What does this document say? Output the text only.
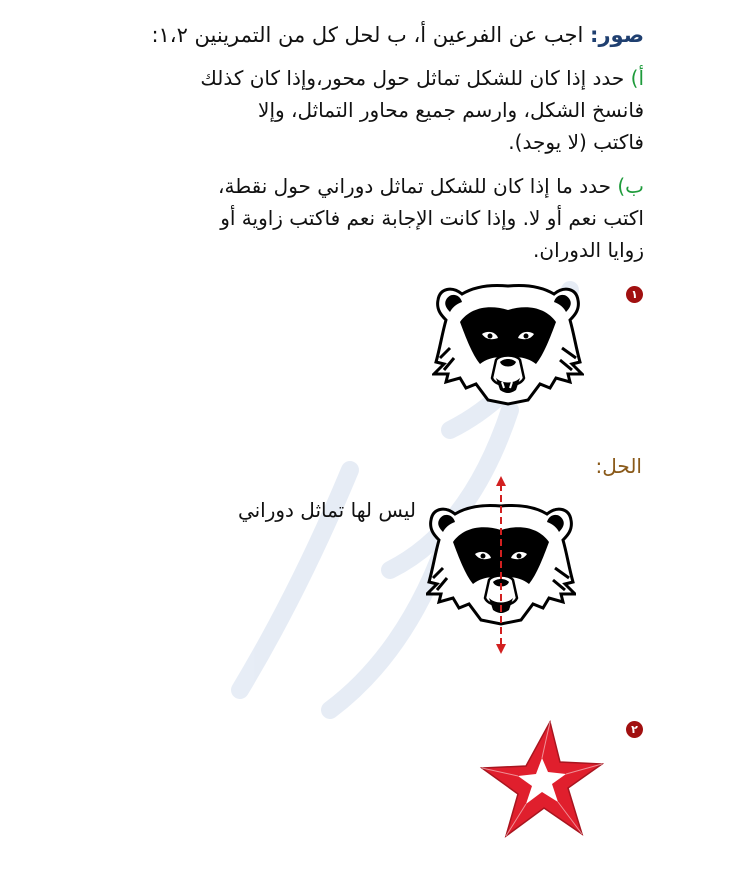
صور: اجب عن الفرعين أ، ب لحل كل من التمرينين ١،٢:
أ) حدد إذا كان للشكل تماثل حول محور،وإذا كان كذلك
فانسخ الشكل، وارسم جميع محاور التماثل، وإلا
فاكتب (لا يوجد).
ب) حدد ما إذا كان للشكل تماثل دوراني حول نقطة،
اكتب نعم أو لا. وإذا كانت الإجابة نعم فاكتب زاوية أو
زوايا الدوران.
١
الحل:
ليس لها تماثل دوراني
٢
